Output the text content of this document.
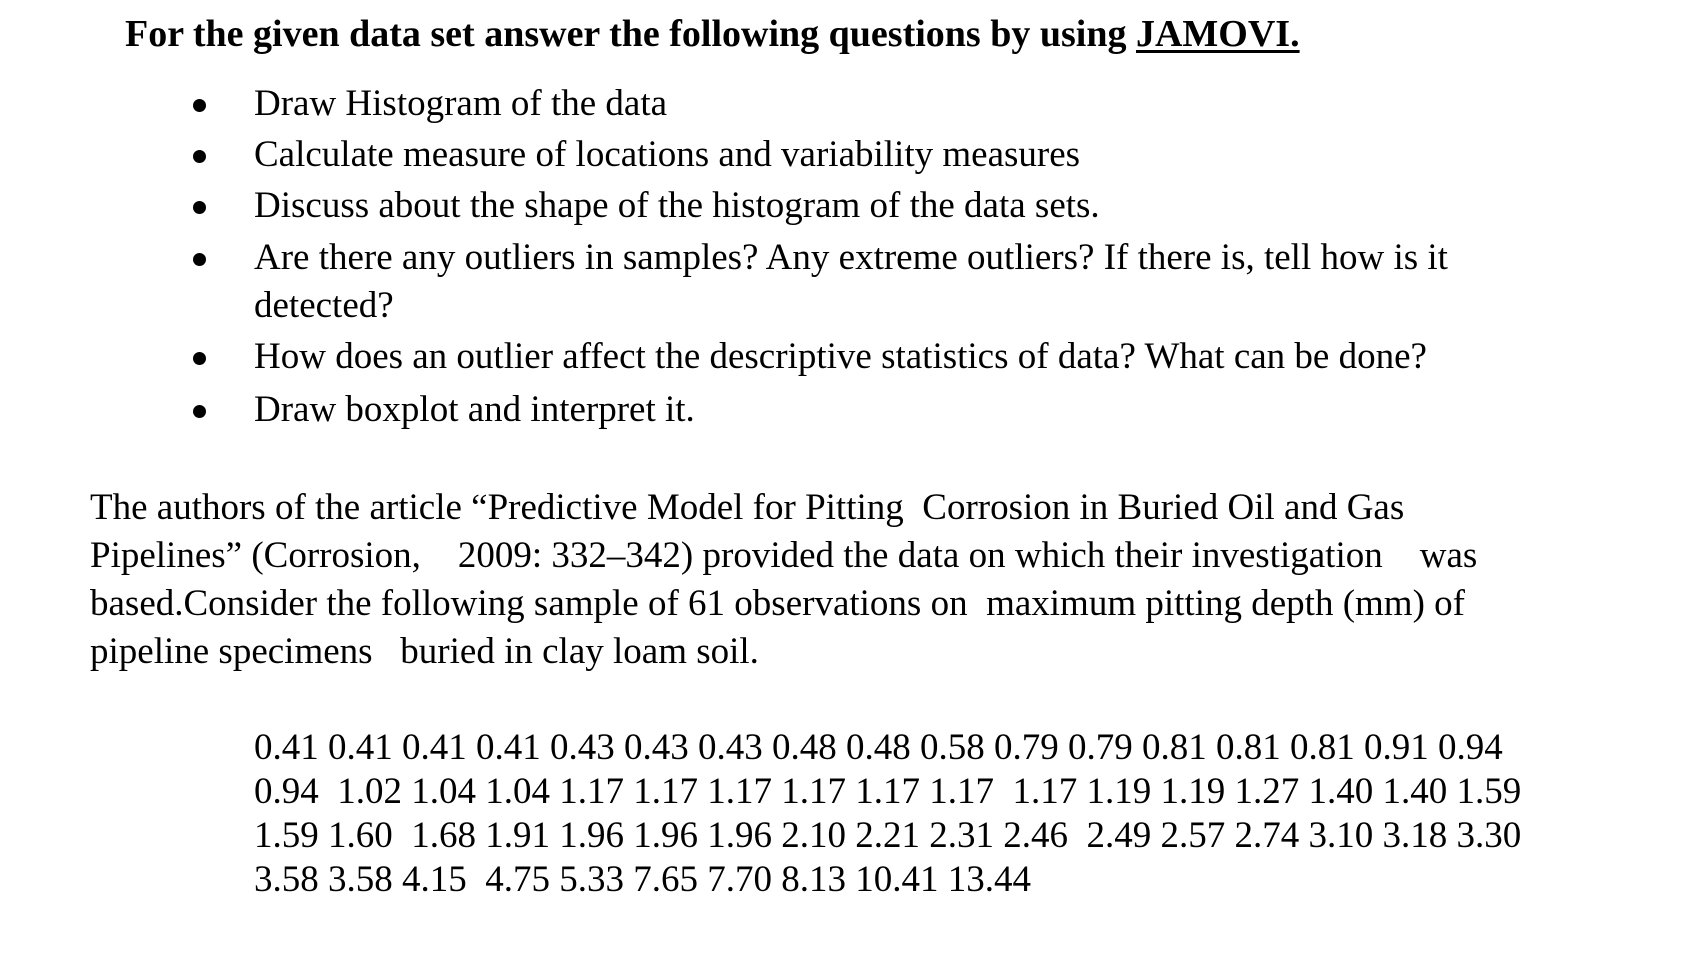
For the given data set answer the following questions by using JAMOVI.
Draw Histogram of the data
Calculate measure of locations and variability measures
Discuss about the shape of the histogram of the data sets.
Are there any outliers in samples? Any extreme outliers? If there is, tell how is it
detected?
How does an outlier affect the descriptive statistics of data? What can be done?
Draw boxplot and interpret it.
The authors of the article “Predictive Model for Pitting  Corrosion in Buried Oil and Gas
Pipelines” (Corrosion,    2009: 332–342) provided the data on which their investigation    was
based.Consider the following sample of 61 observations on  maximum pitting depth (mm) of
pipeline specimens   buried in clay loam soil.
0.41 0.41 0.41 0.41 0.43 0.43 0.43 0.48 0.48 0.58 0.79 0.79 0.81 0.81 0.81 0.91 0.94
0.94  1.02 1.04 1.04 1.17 1.17 1.17 1.17 1.17 1.17  1.17 1.19 1.19 1.27 1.40 1.40 1.59
1.59 1.60  1.68 1.91 1.96 1.96 1.96 2.10 2.21 2.31 2.46  2.49 2.57 2.74 3.10 3.18 3.30
3.58 3.58 4.15  4.75 5.33 7.65 7.70 8.13 10.41 13.44
